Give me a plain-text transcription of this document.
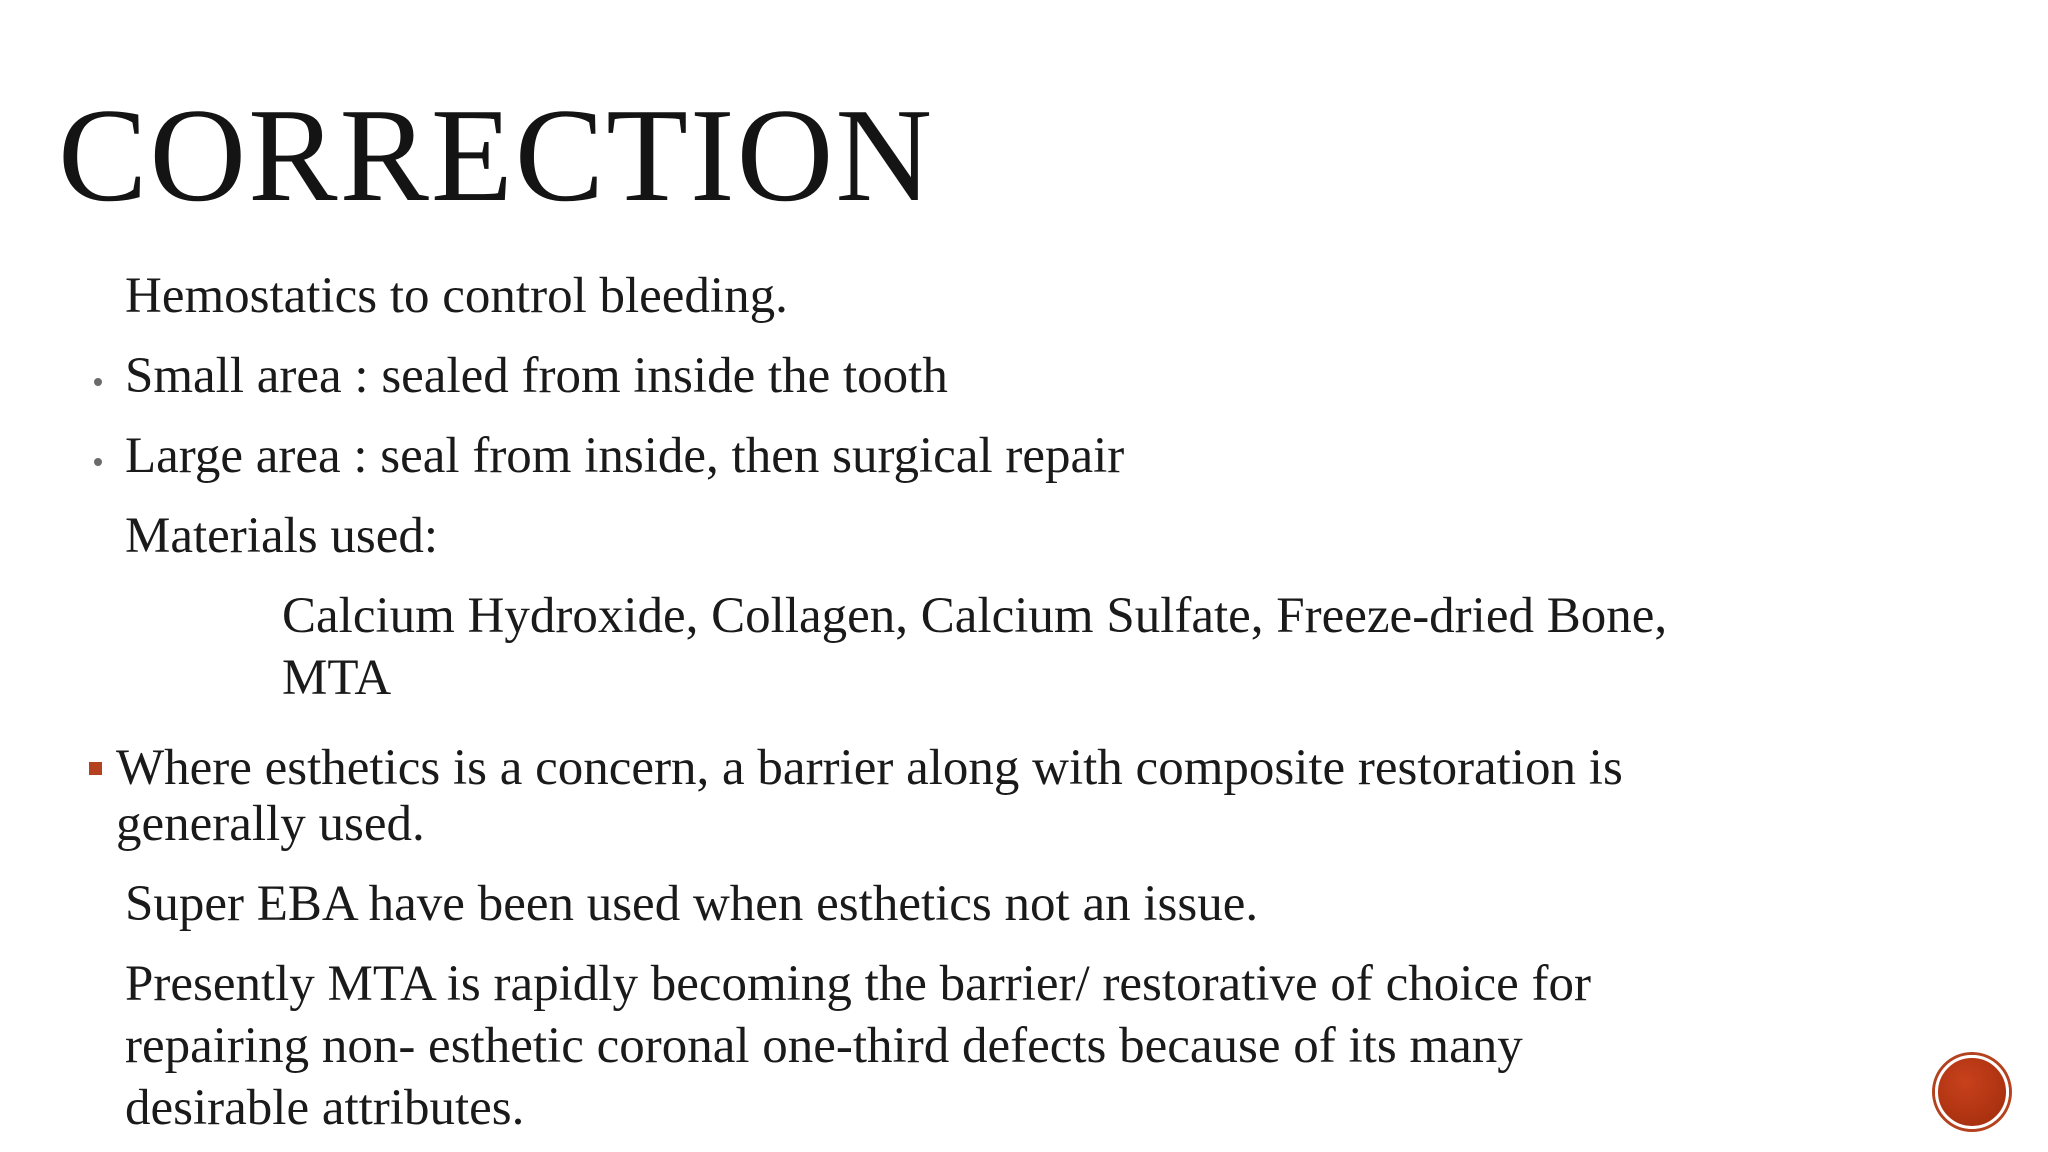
CORRECTION
Hemostatics to control bleeding.
Small area : sealed from inside the tooth
Large area : seal from inside, then surgical repair
Materials used:
Calcium Hydroxide, Collagen, Calcium Sulfate, Freeze-dried Bone,
MTA
Where esthetics is a concern, a barrier along with composite restoration is
generally used.
Super EBA have been used when esthetics not an issue.
Presently MTA is rapidly becoming the barrier/ restorative of choice for
repairing non- esthetic coronal one-third defects because of its many
desirable attributes.
